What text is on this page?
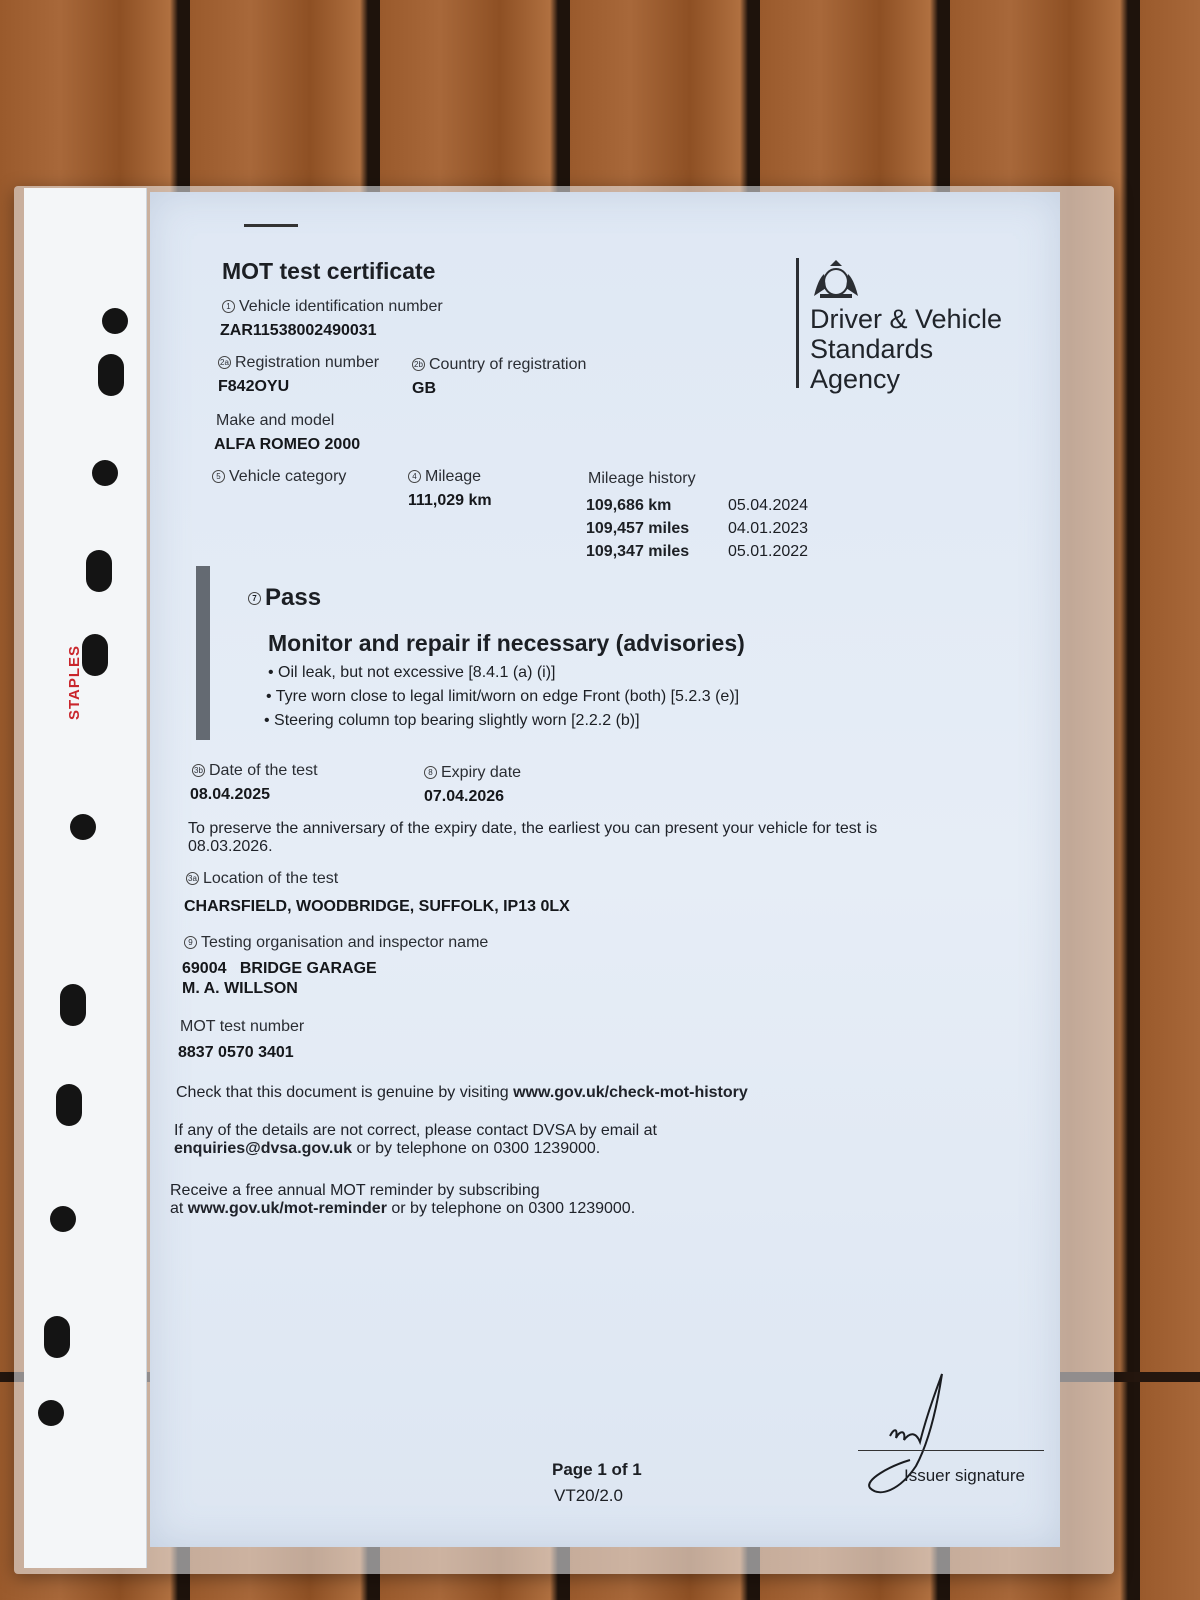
STAPLES
MOT test certificate
Driver & Vehicle
Standards
Agency
1 Vehicle identification number
ZAR11538002490031
2a Registration number
F842OYU
2b Country of registration
GB
Make and model
ALFA ROMEO 2000
5 Vehicle category	4 Mileage
111,029 km
Mileage history
109,686 km	05.04.2024
109,457 miles	04.01.2023
109,347 miles	05.01.2022
7 Pass
Monitor and repair if necessary (advisories)
• Oil leak, but not excessive [8.4.1 (a) (i)]
• Tyre worn close to legal limit/worn on edge Front (both) [5.2.3 (e)]
• Steering column top bearing slightly worn [2.2.2 (b)]
3b Date of the test
08.04.2025
8 Expiry date
07.04.2026
To preserve the anniversary of the expiry date, the earliest you can present your vehicle for test is
08.03.2026.
3a Location of the test
CHARSFIELD, WOODBRIDGE, SUFFOLK, IP13 0LX
9 Testing organisation and inspector name
69004   BRIDGE GARAGE
M. A. WILLSON
MOT test number
8837 0570 3401
Check that this document is genuine by visiting www.gov.uk/check-mot-history
If any of the details are not correct, please contact DVSA by email at
enquiries@dvsa.gov.uk or by telephone on 0300 1239000.
Receive a free annual MOT reminder by subscribing
at www.gov.uk/mot-reminder or by telephone on 0300 1239000.
Page 1 of 1
VT20/2.0
Issuer signature
